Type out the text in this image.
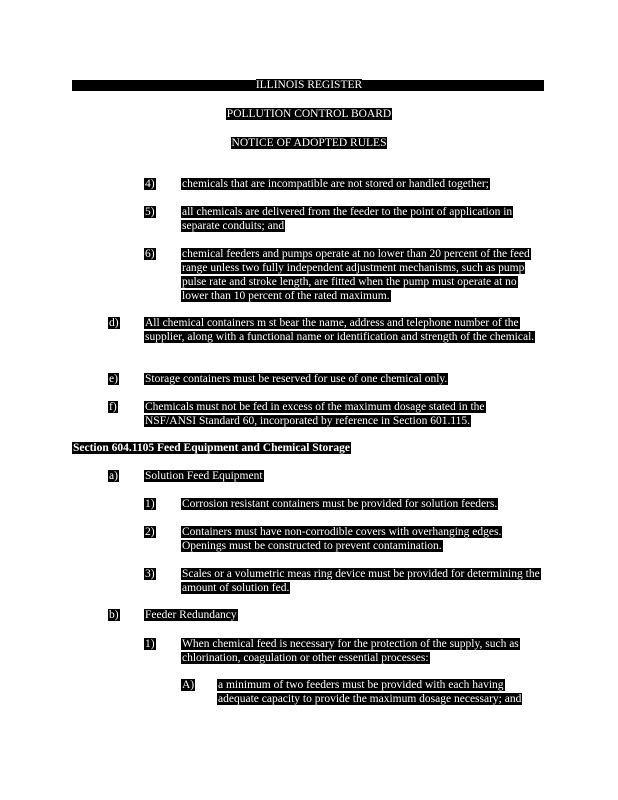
ILLINOIS REGISTER
POLLUTION CONTROL BOARD
NOTICE OF ADOPTED RULES
4) chemicals that are incompatible are not stored or handled together;
5) all chemicals are delivered from the feeder to the point of application in separate conduits; and
6) chemical feeders and pumps operate at no lower than 20 percent of the feed range unless two fully independent adjustment mechanisms, such as pump pulse rate and stroke length, are fitted when the pump must operate at no lower than 10 percent of the rated maximum.
d) All chemical containers m st bear the name, address and telephone number of the supplier, along with a functional name or identification and strength of the chemical.
e) Storage containers must be reserved for use of one chemical only.
f) Chemicals must not be fed in excess of the maximum dosage stated in the NSF/ANSI Standard 60, incorporated by reference in Section 601.115.
Section 604.1105 Feed Equipment and Chemical Storage
a) Solution Feed Equipment
1) Corrosion resistant containers must be provided for solution feeders.
2) Containers must have non-corrodible covers with overhanging edges. Openings must be constructed to prevent contamination.
3) Scales or a volumetric meas ring device must be provided for determining the amount of solution fed.
b) Feeder Redundancy
1) When chemical feed is necessary for the protection of the supply, such as chlorination, coagulation or other essential processes:
A) a minimum of two feeders must be provided with each having adequate capacity to provide the maximum dosage necessary; and
